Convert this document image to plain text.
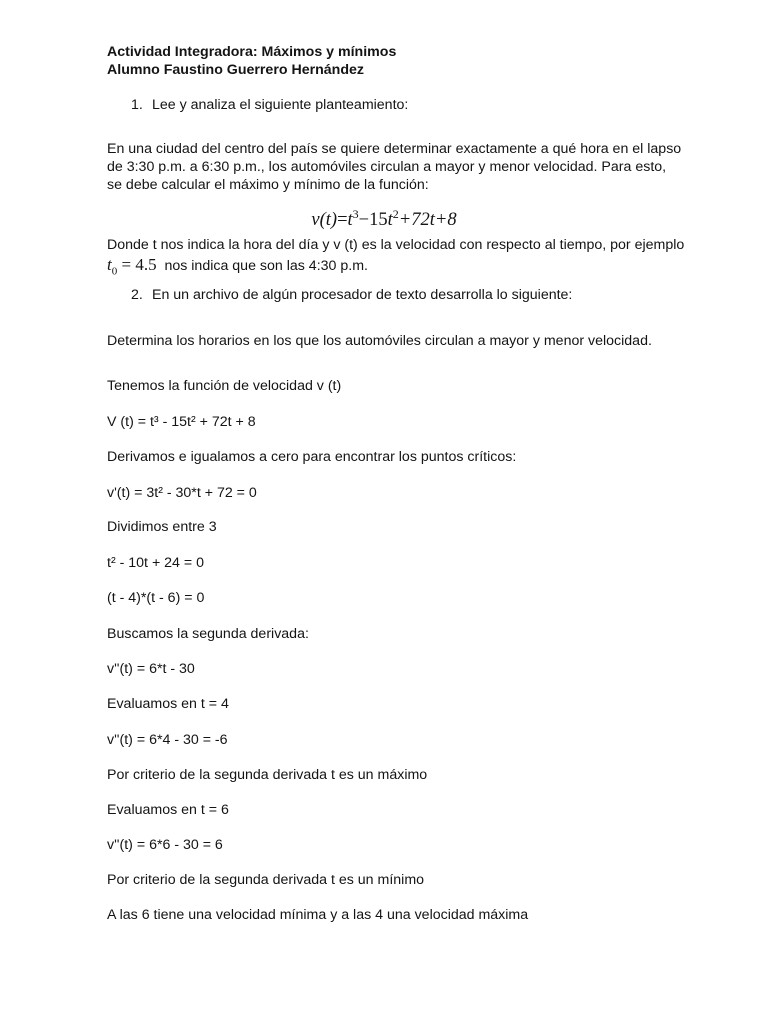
Actividad Integradora: Máximos y mínimos
Alumno Faustino Guerrero Hernández
1. Lee y analiza el siguiente planteamiento:
En una ciudad del centro del país se quiere determinar exactamente a qué hora en el lapso
de 3:30 p.m. a 6:30 p.m., los automóviles circulan a mayor y menor velocidad. Para esto,
se debe calcular el máximo y mínimo de la función:
$v(t)=t^3-15t^2+72t+8$
Donde t nos indica la hora del día y v (t) es la velocidad con respecto al tiempo, por ejemplo
$t_0 = 4.5$ nos indica que son las 4:30 p.m.
2. En un archivo de algún procesador de texto desarrolla lo siguiente:
Determina los horarios en los que los automóviles circulan a mayor y menor velocidad.
Tenemos la función de velocidad v (t)
V (t) = t³ - 15t² + 72t + 8
Derivamos e igualamos a cero para encontrar los puntos críticos:
v'(t) = 3t² - 30*t + 72 = 0
Dividimos entre 3
t² - 10t + 24 = 0
(t - 4)*(t - 6) = 0
Buscamos la segunda derivada:
v''(t) = 6*t - 30
Evaluamos en t = 4
v''(t) = 6*4 - 30 = -6
Por criterio de la segunda derivada t es un máximo
Evaluamos en t = 6
v''(t) = 6*6 - 30 = 6
Por criterio de la segunda derivada t es un mínimo
A las 6 tiene una velocidad mínima y a las 4 una velocidad máxima
